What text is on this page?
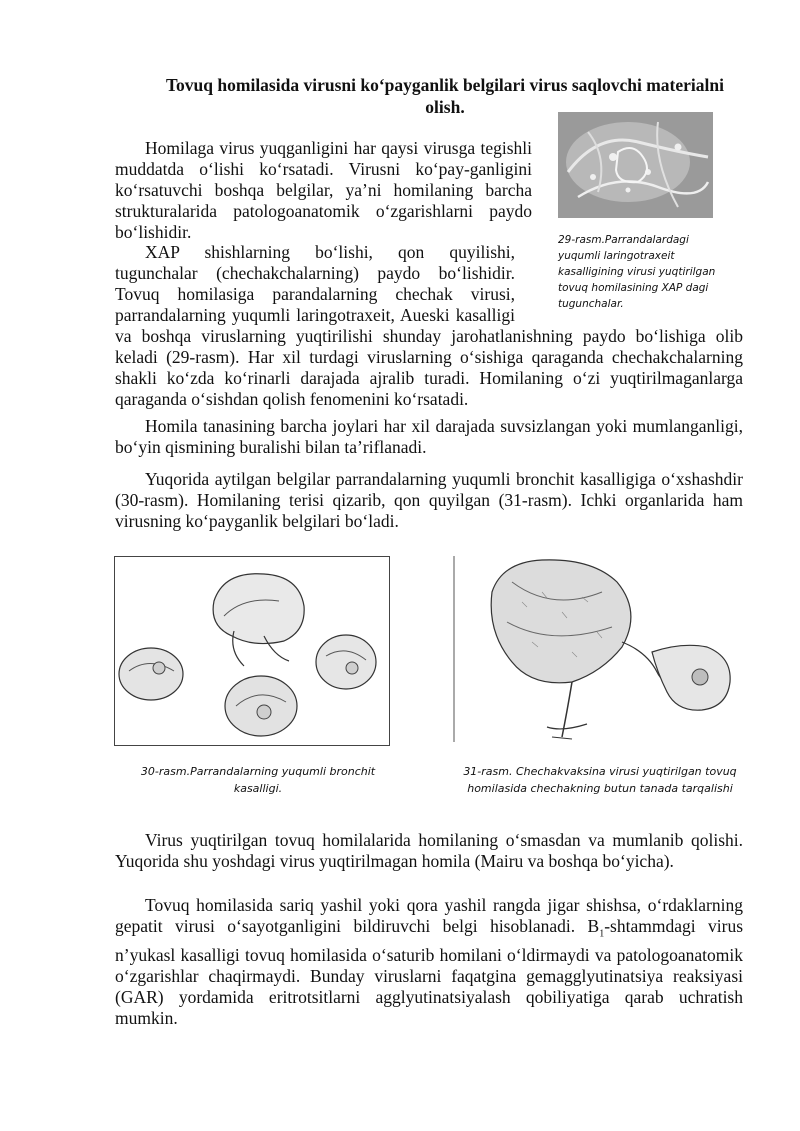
Tovuq homilasida virusni ko‘payganlik belgilari virus saqlovchi materialni olish.
29-rasm.Parrandalardagi yuqumli laringotraxeit kasalligining virusi yuqtirilgan tovuq homilasining XAP dagi tugunchalar.

Homilaga virus yuqganligini har qaysi virusga tegishli muddatda o‘lishi ko‘rsatadi. Virusni ko‘pay-ganligini ko‘rsatuvchi boshqa belgilar, ya’ni homilaning barcha strukturalarida patologoanatomik o‘zgarishlarni paydo bo‘lishidir.

XAP shishlarning bo‘lishi, qon quyilishi, tugunchalar (chechakchalarning) paydo bo‘lishidir. Tovuq homilasiga parandalarning chechak virusi, parrandalarning yuqumli laringotraxeit, Aueski kasalligi va boshqa viruslarning yuqtirilishi shunday jarohatlanishning paydo bo‘lishiga olib keladi (29-rasm). Har xil turdagi viruslarning o‘sishiga qaraganda chechakchalarning shakli ko‘zda ko‘rinarli darajada ajralib turadi. Homilaning o‘zi yuqtirilmaganlarga qaraganda o‘sishdan qolish fenomenini ko‘rsatadi.

Homila tanasining barcha joylari har xil darajada suvsizlangan yoki mumlanganligi, bo‘yin qismining buralishi bilan ta’riflanadi.

Yuqorida aytilgan belgilar parrandalarning yuqumli bronchit kasalligiga o‘xshashdir (30-rasm). Homilaning terisi qizarib, qon quyilgan (31-rasm). Ichki organlarida ham virusning ko‘payganlik belgilari bo‘ladi.

30-rasm.Parrandalarning yuqumli bronchit
kasalligi.
31-rasm. Chechakvaksina virusi yuqtirilgan tovuq
homilasida chechakning butun tanada tarqalishi

Virus yuqtirilgan tovuq homilalarida homilaning o‘smasdan va mumlanib qolishi. Yuqorida shu yoshdagi virus yuqtirilmagan homila (Mairu va boshqa bo‘yicha).

Tovuq homilasida sariq yashil yoki qora yashil rangda jigar shishsa, o‘rdaklarning gepatit virusi o‘sayotganligini bildiruvchi belgi hisoblanadi. $B_1$-shtammdagi virus n’yukasl kasalligi tovuq homilasida o‘saturib homilani o‘ldirmaydi va patologoanatomik o‘zgarishlar chaqirmaydi. Bunday viruslarni faqatgina gemagglyutinatsiya reaksiyasi (GAR) yordamida eritrotsitlarni agglyutinatsiyalash qobiliyatiga qarab uchratish mumkin.
